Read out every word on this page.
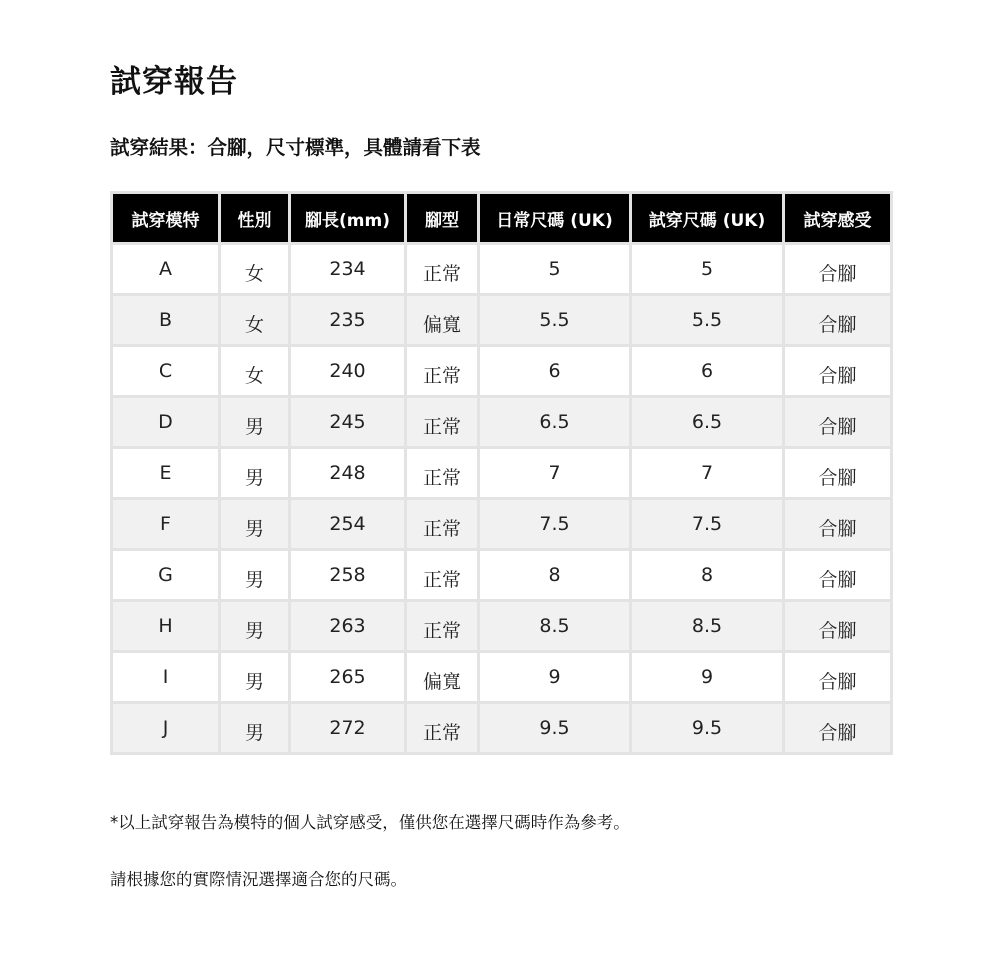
試穿報告

試穿結果：合腳，尺寸標準，具體請看下表

試穿模特	性別	腳長(mm)	腳型	日常尺碼 (UK)	試穿尺碼 (UK)	試穿感受
A	女	234	正常	5	5	合腳
B	女	235	偏寬	5.5	5.5	合腳
C	女	240	正常	6	6	合腳
D	男	245	正常	6.5	6.5	合腳
E	男	248	正常	7	7	合腳
F	男	254	正常	7.5	7.5	合腳
G	男	258	正常	8	8	合腳
H	男	263	正常	8.5	8.5	合腳
I	男	265	偏寬	9	9	合腳
J	男	272	正常	9.5	9.5	合腳

*以上試穿報告為模特的個人試穿感受，僅供您在選擇尺碼時作為參考。

請根據您的實際情況選擇適合您的尺碼。
